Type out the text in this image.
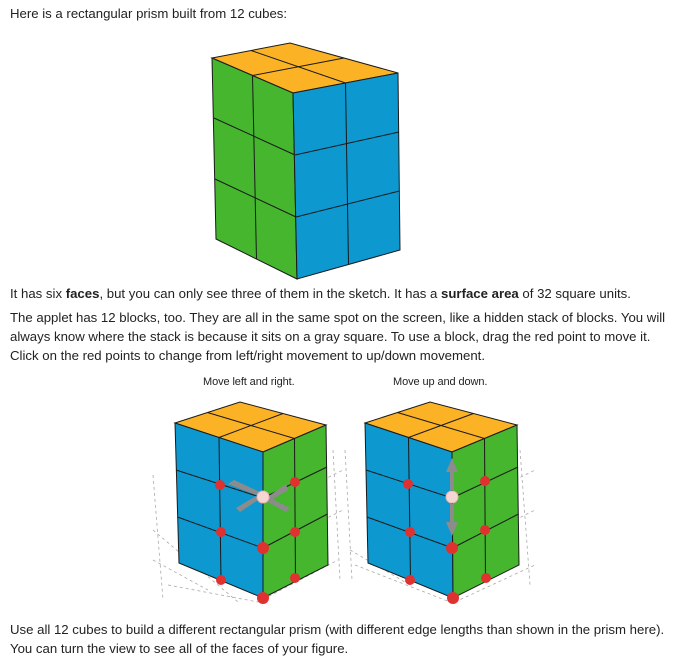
Here is a rectangular prism built from 12 cubes:

It has six faces, but you can only see three of them in the sketch. It has a surface area of 32 square units.

The applet has 12 blocks, too. They are all in the same spot on the screen, like a hidden stack of blocks. You will always know where the stack is because it sits on a gray square. To use a block, drag the red point to move it. Click on the red points to change from left/right movement to up/down movement.

Move left and right.	Move up and down.

Use all 12 cubes to build a different rectangular prism (with different edge lengths than shown in the prism here). You can turn the view to see all of the faces of your figure.
